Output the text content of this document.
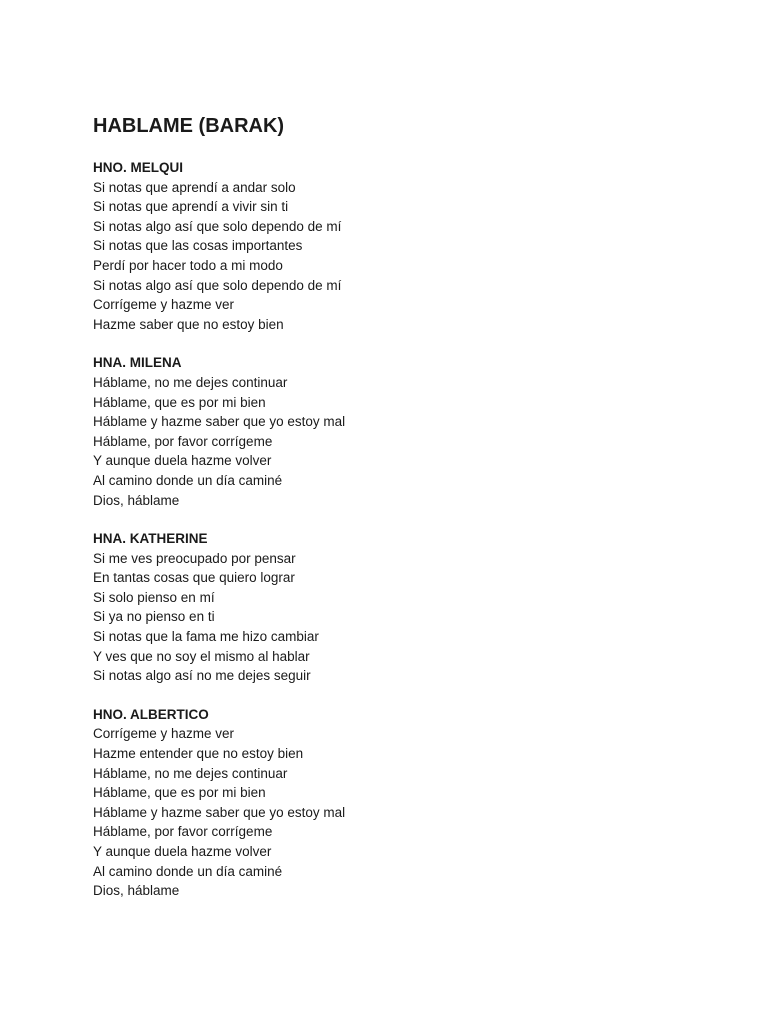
HABLAME (BARAK)

HNO. MELQUI

Si notas que aprendí a andar solo

Si notas que aprendí a vivir sin ti

Si notas algo así que solo dependo de mí

Si notas que las cosas importantes

Perdí por hacer todo a mi modo

Si notas algo así que solo dependo de mí

Corrígeme y hazme ver

Hazme saber que no estoy bien

HNA. MILENA

Háblame, no me dejes continuar

Háblame, que es por mi bien

Háblame y hazme saber que yo estoy mal

Háblame, por favor corrígeme

Y aunque duela hazme volver

Al camino donde un día caminé

Dios, háblame

HNA. KATHERINE

Si me ves preocupado por pensar

En tantas cosas que quiero lograr

Si solo pienso en mí

Si ya no pienso en ti

Si notas que la fama me hizo cambiar

Y ves que no soy el mismo al hablar

Si notas algo así no me dejes seguir

HNO. ALBERTICO

Corrígeme y hazme ver

Hazme entender que no estoy bien

Háblame, no me dejes continuar

Háblame, que es por mi bien

Háblame y hazme saber que yo estoy mal

Háblame, por favor corrígeme

Y aunque duela hazme volver

Al camino donde un día caminé

Dios, háblame
